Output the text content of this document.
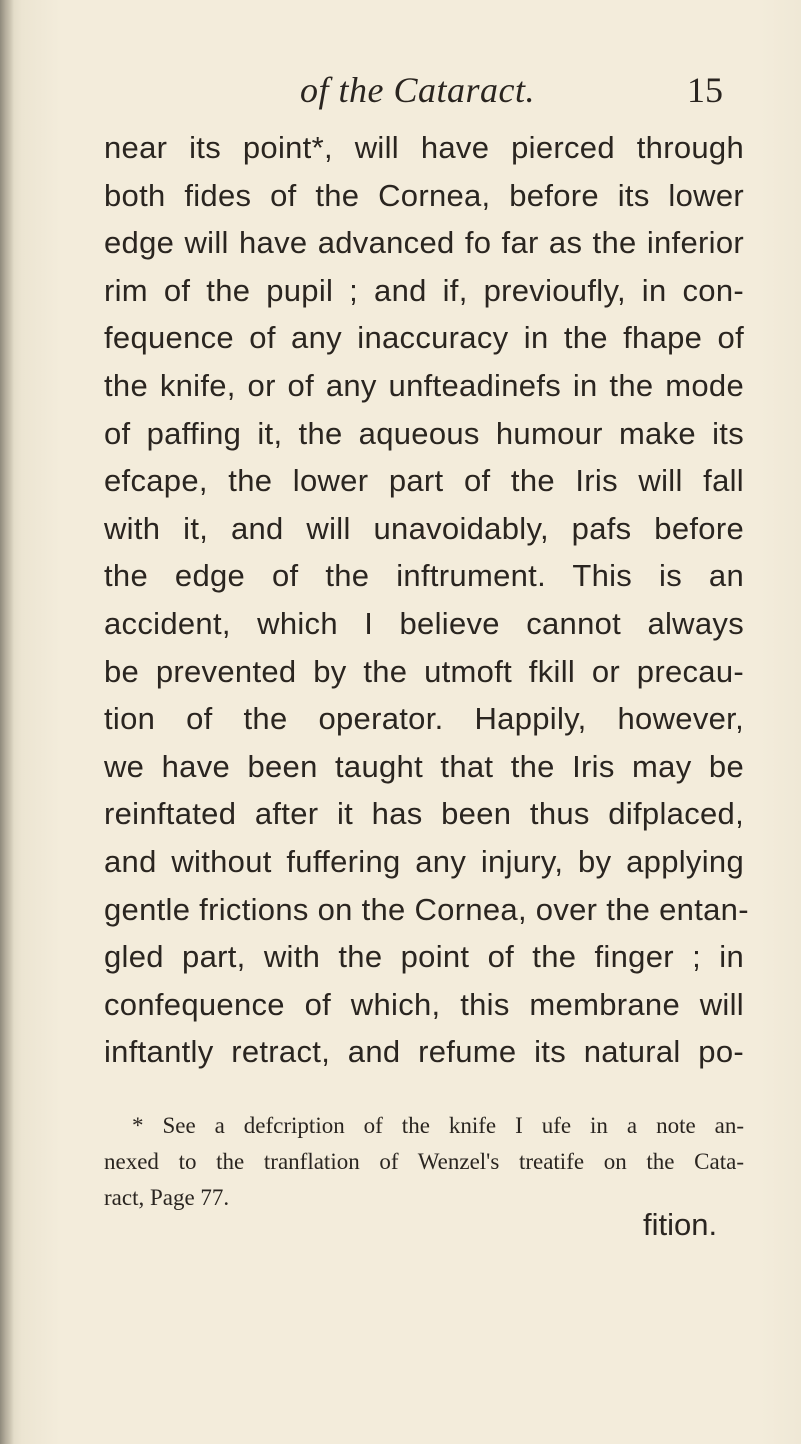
of the Cataract.	15
near its point*, will have pierced through
both fides of the Cornea, before its lower
edge will have advanced fo far as the inferior
rim of the pupil ; and if, previoufly, in con-
fequence of any inaccuracy in the fhape of
the knife, or of any unfteadinefs in the mode
of paffing it, the aqueous humour make its
efcape, the lower part of the Iris will fall
with it, and will unavoidably, pafs before
the edge of the inftrument. This is an
accident, which I believe cannot always
be prevented by the utmoft fkill or precau-
tion of the operator. Happily, however,
we have been taught that the Iris may be
reinftated after it has been thus difplaced,
and without fuffering any injury, by applying
gentle frictions on the Cornea, over the entan-
gled part, with the point of the finger ; in
confequence of which, this membrane will
inftantly retract, and refume its natural po-
* See a defcription of the knife I ufe in a note an-
nexed to the tranflation of Wenzel's treatife on the Cata-
ract, Page 77.
fition.
